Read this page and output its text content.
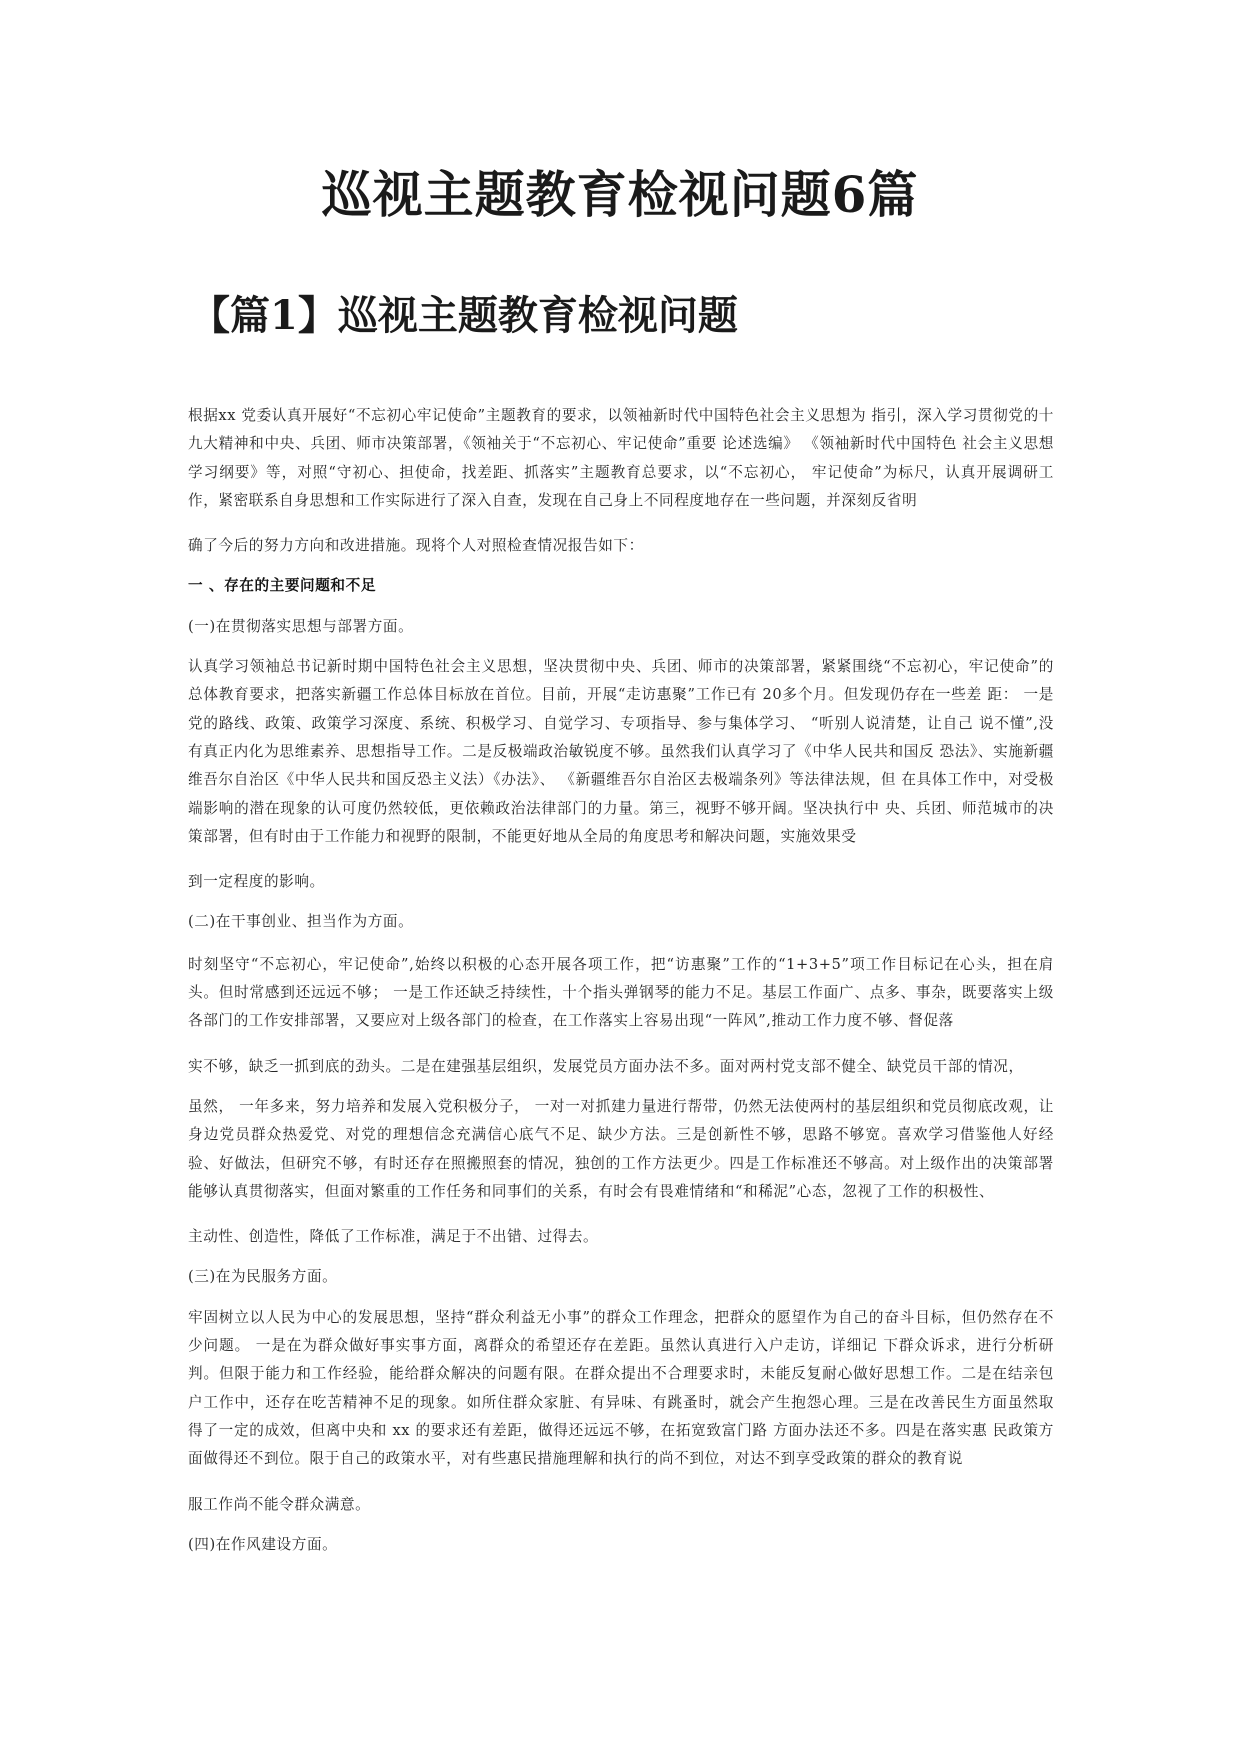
巡视主题教育检视问题6篇
【篇1】巡视主题教育检视问题

根据xx 党委认真开展好“不忘初心牢记使命”主题教育的要求，以领袖新时代中国特色社会主义思想为 指引，深入学习贯彻党的十九大精神和中央、兵团、师市决策部署，《领袖关于“不忘初心、牢记使命”重要 论述选编》 《领袖新时代中国特色 社会主义思想学习纲要》等，对照“守初心、担使命，找差距、抓落实”主题教育总要求，以“不忘初心， 牢记使命”为标尺，认真开展调研工作，紧密联系自身思想和工作实际进行了深入自查，发现在自己身上不同程度地存在一些问题，并深刻反省明

确了今后的努力方向和改进措施。现将个人对照检查情况报告如下：

一 、存在的主要问题和不足

(一)在贯彻落实思想与部署方面。

认真学习领袖总书记新时期中国特色社会主义思想，坚决贯彻中央、兵团、师市的决策部署，紧紧围绕“不忘初心，牢记使命”的总体教育要求，把落实新疆工作总体目标放在首位。目前，开展“走访惠聚”工作已有 20多个月。但发现仍存在一些差 距： 一是党的路线、政策、政策学习深度、系统、积极学习、自觉学习、专项指导、参与集体学习、 “听别人说清楚，让自己 说不懂”,没有真正内化为思维素养、思想指导工作。二是反极端政治敏锐度不够。虽然我们认真学习了《中华人民共和国反 恐法》、实施新疆维吾尔自治区《中华人民共和国反恐主义法）《办法》、 《新疆维吾尔自治区去极端条列》等法律法规，但 在具体工作中，对受极端影响的潜在现象的认可度仍然较低，更依赖政治法律部门的力量。第三，视野不够开阔。坚决执行中 央、兵团、师范城市的决策部署，但有时由于工作能力和视野的限制，不能更好地从全局的角度思考和解决问题，实施效果受

到一定程度的影响。

(二)在干事创业、担当作为方面。

时刻坚守“不忘初心，牢记使命”,始终以积极的心态开展各项工作，把“访惠聚”工作的“1+3+5”项工作目标记在心头，担在肩头。但时常感到还远远不够； 一是工作还缺乏持续性，十个指头弹钢琴的能力不足。基层工作面广、点多、事杂，既要落实上级各部门的工作安排部署，又要应对上级各部门的检查，在工作落实上容易出现“一阵风”,推动工作力度不够、督促落

实不够，缺乏一抓到底的劲头。二是在建强基层组织，发展党员方面办法不多。面对两村党支部不健全、缺党员干部的情况，

虽然， 一年多来，努力培养和发展入党积极分子， 一对一对抓建力量进行帮带，仍然无法使两村的基层组织和党员彻底改观，让身边党员群众热爱党、对党的理想信念充满信心底气不足、缺少方法。三是创新性不够，思路不够宽。喜欢学习借鉴他人好经验、好做法，但研究不够，有时还存在照搬照套的情况，独创的工作方法更少。四是工作标准还不够高。对上级作出的决策部署能够认真贯彻落实，但面对繁重的工作任务和同事们的关系，有时会有畏难情绪和“和稀泥”心态，忽视了工作的积极性、

主动性、创造性，降低了工作标准，满足于不出错、过得去。

(三)在为民服务方面。

牢固树立以人民为中心的发展思想，坚持“群众利益无小事”的群众工作理念，把群众的愿望作为自己的奋斗目标，但仍然存在不少问题。 一是在为群众做好事实事方面，离群众的希望还存在差距。虽然认真进行入户走访，详细记 下群众诉求，进行分析研判。但限于能力和工作经验，能给群众解决的问题有限。在群众提出不合理要求时，未能反复耐心做好思想工作。二是在结亲包户工作中，还存在吃苦精神不足的现象。如所住群众家脏、有异味、有跳蚤时，就会产生抱怨心理。三是在改善民生方面虽然取得了一定的成效，但离中央和 xx 的要求还有差距，做得还远远不够，在拓宽致富门路 方面办法还不多。四是在落实惠 民政策方面做得还不到位。限于自己的政策水平，对有些惠民措施理解和执行的尚不到位，对达不到享受政策的群众的教育说

服工作尚不能令群众满意。

(四)在作风建设方面。
